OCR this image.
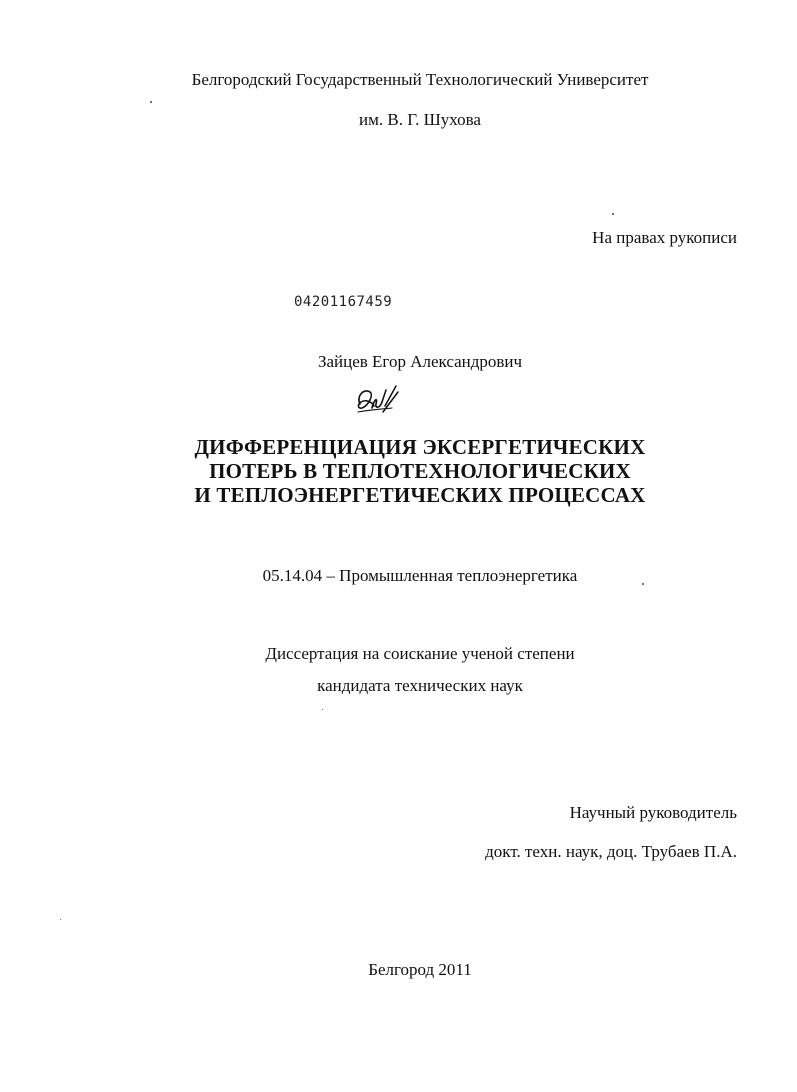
Белгородский Государственный Технологический Университет
им. В. Г. Шухова
На правах рукописи
04201167459
Зайцев Егор Александрович
ДИФФЕРЕНЦИАЦИЯ ЭКСЕРГЕТИЧЕСКИХ
ПОТЕРЬ В ТЕПЛОТЕХНОЛОГИЧЕСКИХ
И ТЕПЛОЭНЕРГЕТИЧЕСКИХ ПРОЦЕССАХ
05.14.04 – Промышленная теплоэнергетика
Диссертация на соискание ученой степени
кандидата технических наук
Научный руководитель
докт. техн. наук, доц. Трубаев П.А.
Белгород 2011
